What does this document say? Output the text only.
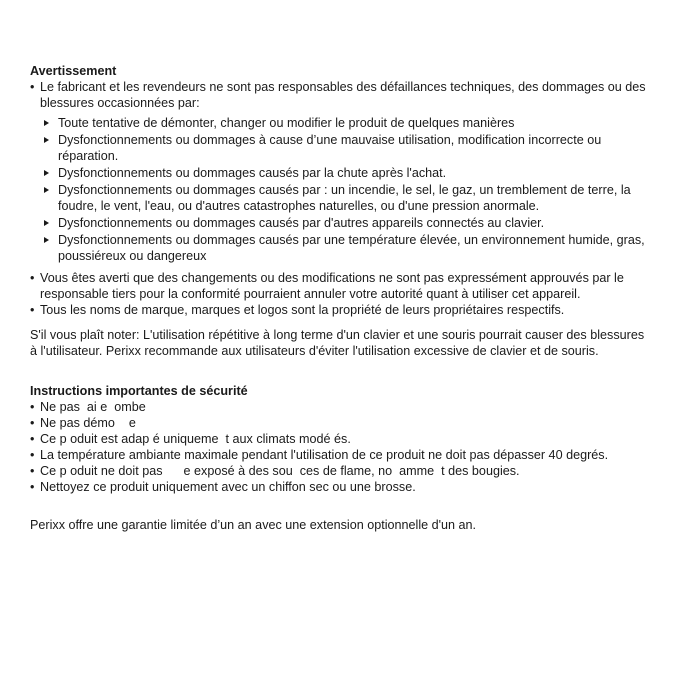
Avertissement

• Le fabricant et les revendeurs ne sont pas responsables des défaillances techniques, des dommages ou des blessures occasionnées par:

Toute tentative de démonter, changer ou modifier le produit de quelques manières
Dysfonctionnements ou dommages à cause d’une mauvaise utilisation, modification incorrecte ou réparation.
Dysfonctionnements ou dommages causés par la chute après l'achat.
Dysfonctionnements ou dommages causés par : un incendie, le sel, le gaz, un tremblement de terre, la foudre, le vent, l'eau, ou d'autres catastrophes naturelles, ou d'une pression anormale.
Dysfonctionnements ou dommages causés par d'autres appareils connectés au clavier.
Dysfonctionnements ou dommages causés par une température élevée, un environnement humide, gras, poussiéreux ou dangereux

• Vous êtes averti que des changements ou des modifications ne sont pas expressément approuvés par le responsable tiers pour la conformité pourraient annuler votre autorité quant à utiliser cet appareil.

• Tous les noms de marque, marques et logos sont la propriété de leurs propriétaires respectifs.

S'il vous plaît noter: L'utilisation répétitive à long terme d'un clavier et une souris pourrait causer des blessures à l'utilisateur. Perixx recommande aux utilisateurs d'éviter l'utilisation excessive de clavier et de souris.

Instructions importantes de sécurité

• Ne pas  ai e  ombe

• Ne pas démo    e

• Ce p oduit est adap é uniqueme  t aux climats modé és.

• La température ambiante maximale pendant l'utilisation de ce produit ne doit pas dépasser 40 degrés.

• Ce p oduit ne doit pas      e exposé à des sou  ces de flame, no  amme  t des bougies.

• Nettoyez ce produit uniquement avec un chiffon sec ou une brosse.

Perixx offre une garantie limitée d’un an avec une extension optionnelle d'un an.
